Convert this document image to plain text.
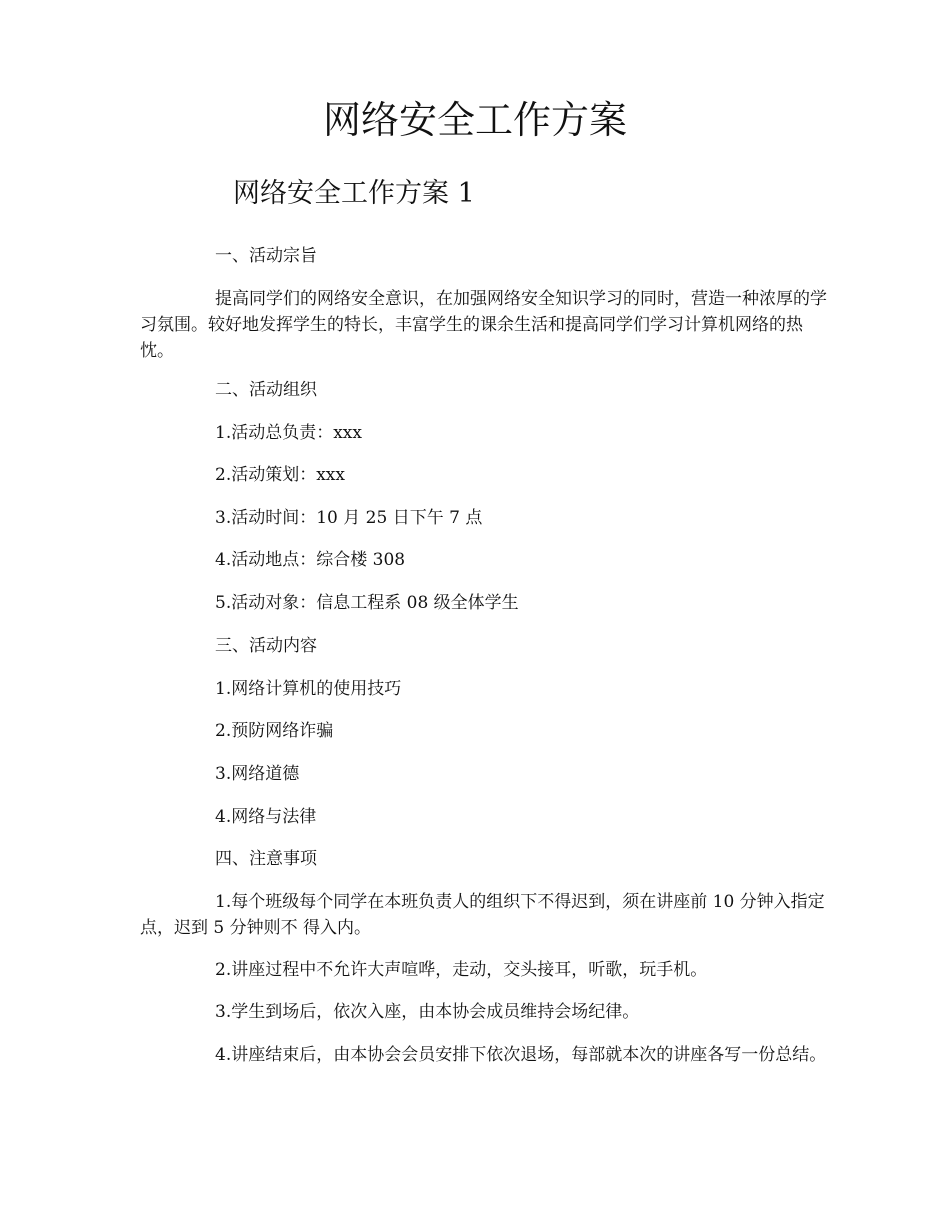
网络安全工作方案
网络安全工作方案 1
一、活动宗旨

提高同学们的网络安全意识，在加强网络安全知识学习的同时，营造一种浓厚的学习氛围。较好地发挥学生的特长，丰富学生的课余生活和提高同学们学习计算机网络的热忱。

二、活动组织
1.活动总负责：xxx
2.活动策划：xxx
3.活动时间：10 月 25 日下午 7 点
4.活动地点：综合楼 308
5.活动对象：信息工程系 08 级全体学生
三、活动内容
1.网络计算机的使用技巧
2.预防网络诈骗
3.网络道德
4.网络与法律
四、注意事项

1.每个班级每个同学在本班负责人的组织下不得迟到，须在讲座前 10 分钟入指定点，迟到 5 分钟则不 得入内。

2.讲座过程中不允许大声喧哗，走动，交头接耳，听歌，玩手机。

3.学生到场后，依次入座，由本协会成员维持会场纪律。

4.讲座结束后，由本协会会员安排下依次退场，每部就本次的讲座各写一份总结。
